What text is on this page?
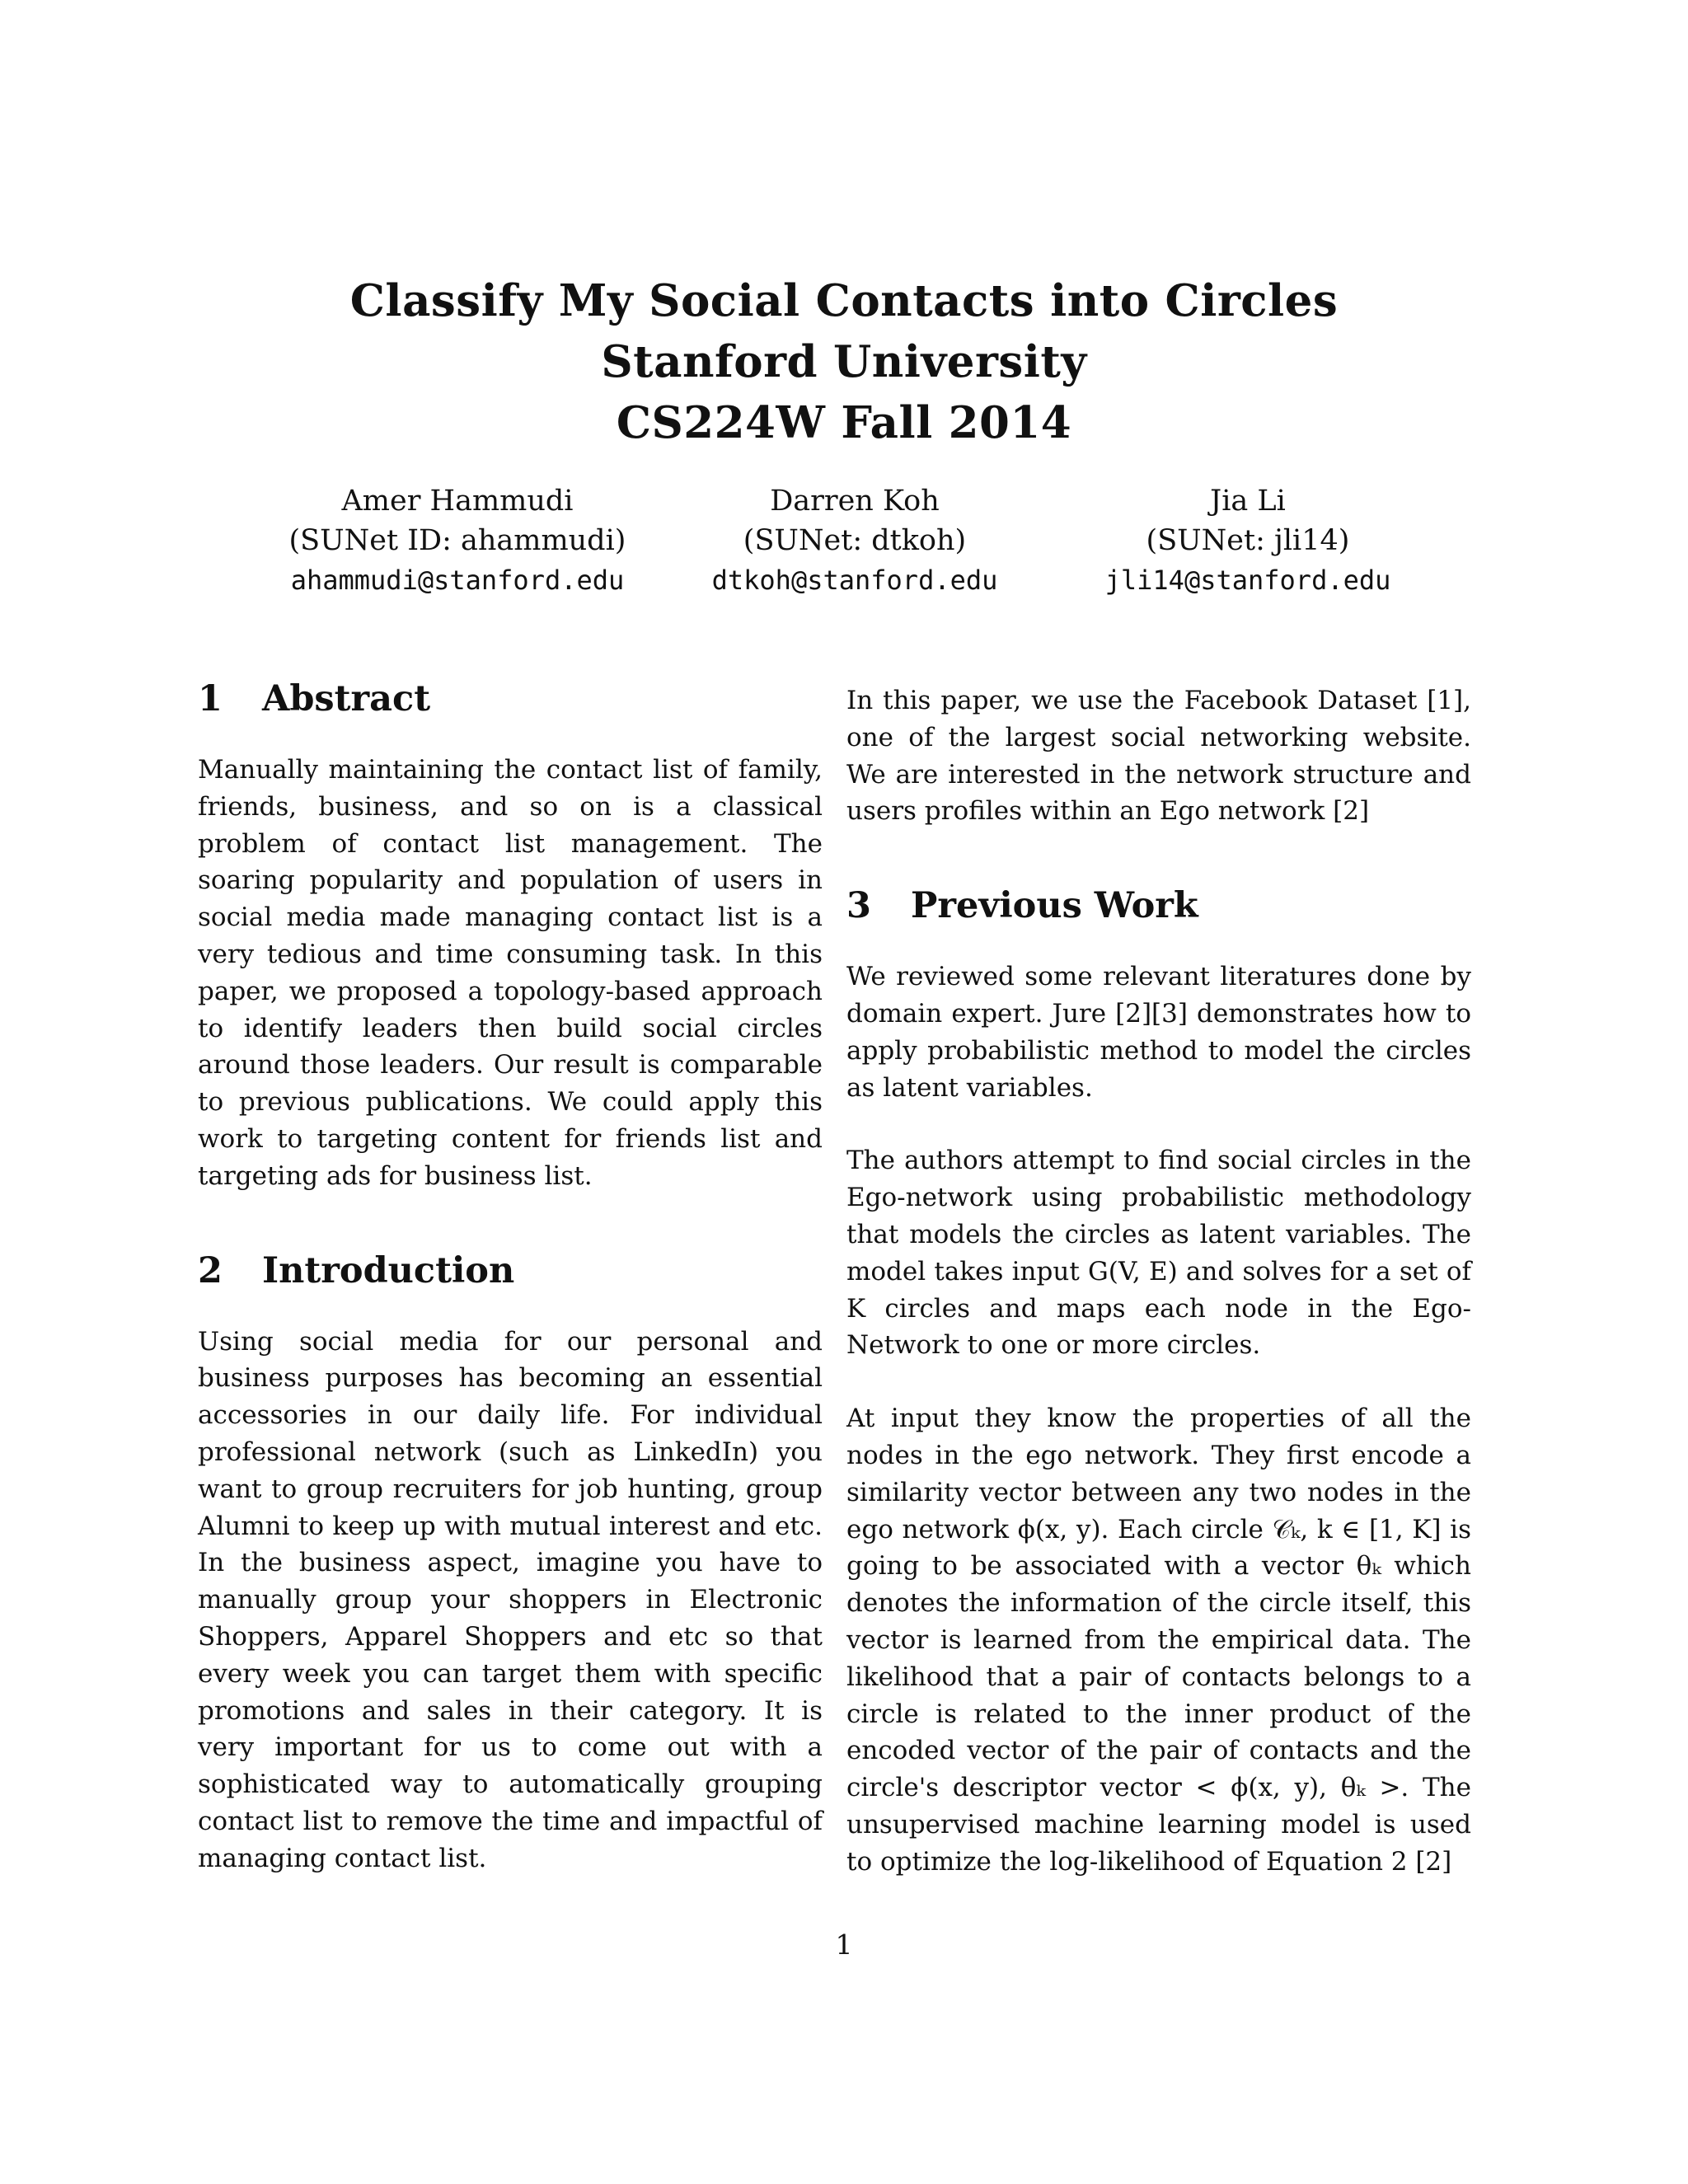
Classify My Social Contacts into Circles
Stanford University
CS224W Fall 2014
Amer Hammudi
(SUNet ID: ahammudi)
ahammudi@stanford.edu
Darren Koh
(SUNet: dtkoh)
dtkoh@stanford.edu
Jia Li
(SUNet: jli14)
jli14@stanford.edu
1	Abstract

Manually maintaining the contact list of family, friends, business, and so on is a classical problem of contact list management. The soaring popularity and population of users in social media made managing contact list is a very tedious and time consuming task. In this paper, we proposed a topology-based approach to identify leaders then build social circles around those leaders. Our result is comparable to previous publications. We could apply this work to targeting content for friends list and targeting ads for business list.

2	Introduction

Using social media for our personal and business purposes has becoming an essential accessories in our daily life. For individual professional network (such as LinkedIn) you want to group recruiters for job hunting, group Alumni to keep up with mutual interest and etc. In the business aspect, imagine you have to manually group your shoppers in Electronic Shoppers, Apparel Shoppers and etc so that every week you can target them with specific promotions and sales in their category. It is very important for us to come out with a sophisticated way to automatically grouping contact list to remove the time and impactful of managing contact list.

In this paper, we use the Facebook Dataset [1], one of the largest social networking website. We are interested in the network structure and users profiles within an Ego network [2]

3	Previous Work

We reviewed some relevant literatures done by domain expert. Jure [2][3] demonstrates how to apply probabilistic method to model the circles as latent variables.

The authors attempt to find social circles in the Ego-network using probabilistic methodology that models the circles as latent variables. The model takes input G(V, E) and solves for a set of K circles and maps each node in the Ego-Network to one or more circles.

At input they know the properties of all the nodes in the ego network. They first encode a similarity vector between any two nodes in the ego network ϕ(x, y). Each circle 𝒞ₖ, k ∈ [1, K] is going to be associated with a vector θₖ which denotes the information of the circle itself, this vector is learned from the empirical data. The likelihood that a pair of contacts belongs to a circle is related to the inner product of the encoded vector of the pair of contacts and the circle's descriptor vector < ϕ(x, y), θₖ >. The unsupervised machine learning model is used to optimize the log-likelihood of Equation 2 [2]

1
